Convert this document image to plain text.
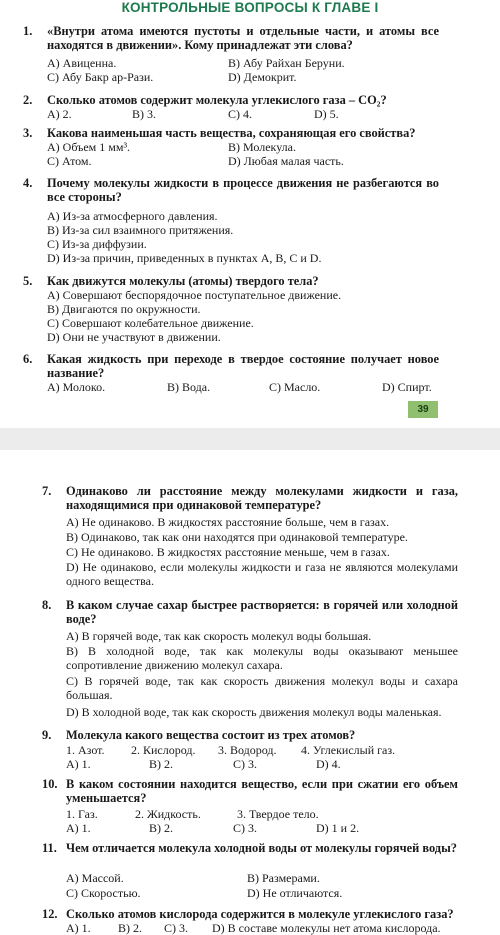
КОНТРОЛЬНЫЕ ВОПРОСЫ К ГЛАВЕ I
1. «Внутри атома имеются пустоты и отдельные части, и атомы все находятся в движении». Кому принадлежат эти слова?
А) Авиценна.	В) Абу Райхан Беруни.
С) Абу Бакр ар-Рази.	D) Демокрит.
2. Сколько атомов содержит молекула углекислого газа – CO₂?
А) 2.	В) 3.	С) 4.	D) 5.
3. Какова наименьшая часть вещества, сохраняющая его свойства?
А) Объем 1 мм³.	В) Молекула.
С) Атом.	D) Любая малая часть.
4. Почему молекулы жидкости в процессе движения не разбегаются во все стороны?
А) Из-за атмосферного давления.
В) Из-за сил взаимного притяжения.
С) Из-за диффузии.
D) Из-за причин, приведенных в пунктах A, B, C и D.
5. Как движутся молекулы (атомы) твердого тела?
А) Совершают беспорядочное поступательное движение.
В) Двигаются по окружности.
С) Совершают колебательное движение.
D) Они не участвуют в движении.
6. Какая жидкость при переходе в твердое состояние получает новое название?
А) Молоко.	В) Вода.	С) Масло.	D) Спирт.
39
7. Одинаково ли расстояние между молекулами жидкости и газа, находящимися при одинаковой температуре?
А) Не одинаково. В жидкостях расстояние больше, чем в газах.
В) Одинаково, так как они находятся при одинаковой температуре.
С) Не одинаково. В жидкостях расстояние меньше, чем в газах.
D) Не одинаково, если молекулы жидкости и газа не являются молекулами одного вещества.
8. В каком случае сахар быстрее растворяется: в горячей или холодной воде?
А) В горячей воде, так как скорость молекул воды большая.
В) В холодной воде, так как молекулы воды оказывают меньшее сопротивление движению молекул сахара.
С) В горячей воде, так как скорость движения молекул воды и сахара большая.
D) В холодной воде, так как скорость движения молекул воды маленькая.
9. Молекула какого вещества состоит из трех атомов?
1. Азот. 2. Кислород. 3. Водород. 4. Углекислый газ.
А) 1.	В) 2.	С) 3.	D) 4.
10. В каком состоянии находится вещество, если при сжатии его объем уменьшается?
1. Газ.	2. Жидкость.	3. Твердое тело.
А) 1.	В) 2.	С) 3.	D) 1 и 2.
11. Чем отличается молекула холодной воды от молекулы горячей воды?
А) Массой.	В) Размерами.
С) Скоростью.	D) Не отличаются.
12. Сколько атомов кислорода содержится в молекуле углекислого газа?
А) 1. В) 2. С) 3. D) В составе молекулы нет атома кислорода.
